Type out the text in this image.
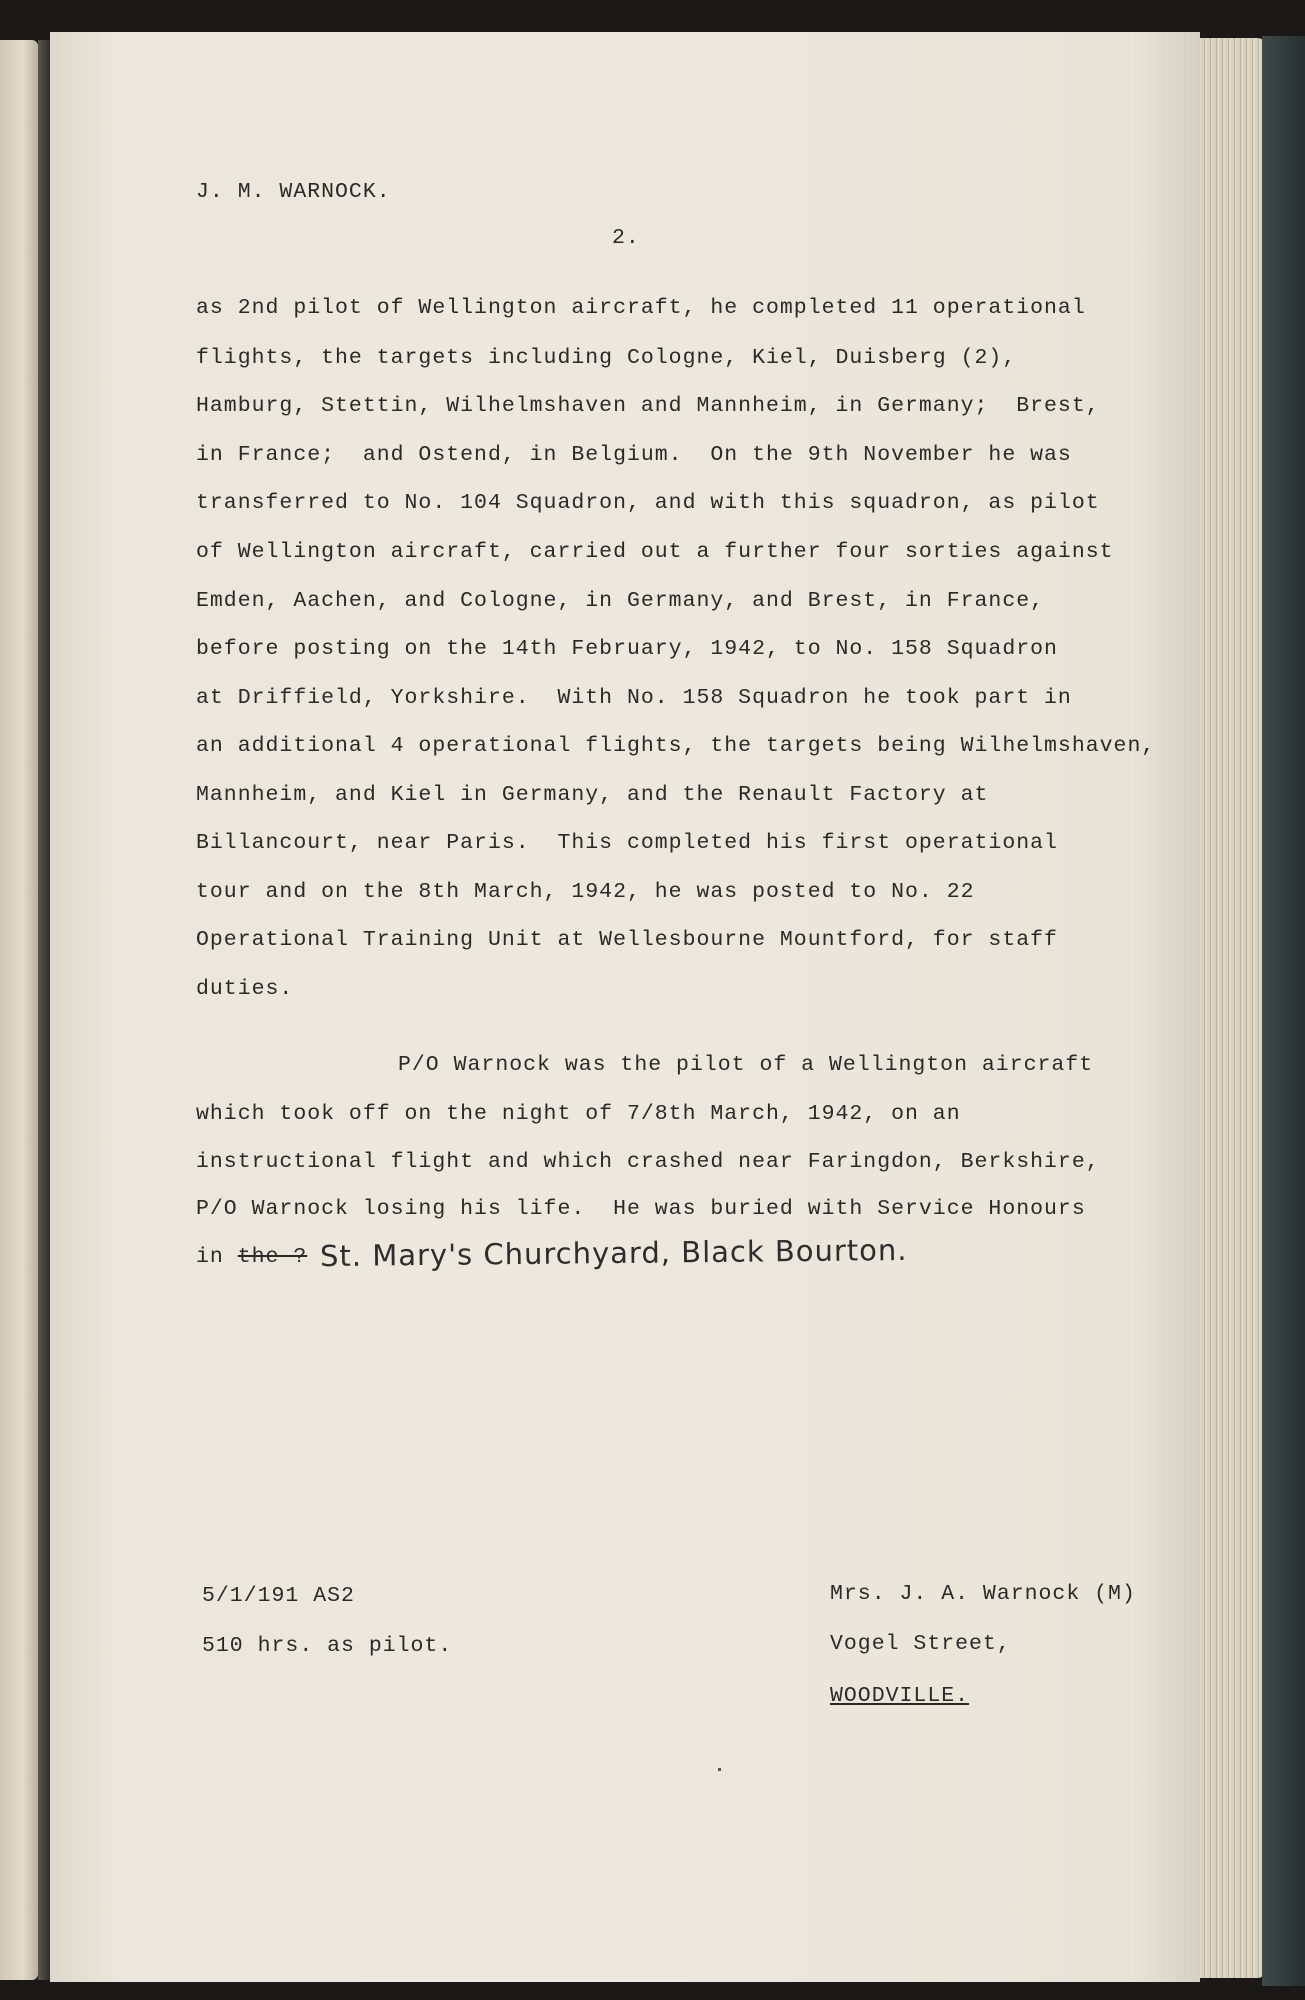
J. M. WARNOCK.
2.
as 2nd pilot of Wellington aircraft, he completed 11 operational
flights, the targets including Cologne, Kiel, Duisberg (2),
Hamburg, Stettin, Wilhelmshaven and Mannheim, in Germany;  Brest,
in France;  and Ostend, in Belgium.  On the 9th November he was
transferred to No. 104 Squadron, and with this squadron, as pilot
of Wellington aircraft, carried out a further four sorties against
Emden, Aachen, and Cologne, in Germany, and Brest, in France,
before posting on the 14th February, 1942, to No. 158 Squadron
at Driffield, Yorkshire.  With No. 158 Squadron he took part in
an additional 4 operational flights, the targets being Wilhelmshaven,
Mannheim, and Kiel in Germany, and the Renault Factory at
Billancourt, near Paris.  This completed his first operational
tour and on the 8th March, 1942, he was posted to No. 22
Operational Training Unit at Wellesbourne Mountford, for staff
duties.
P/O Warnock was the pilot of a Wellington aircraft
which took off on the night of 7/8th March, 1942, on an
instructional flight and which crashed near Faringdon, Berkshire,
P/O Warnock losing his life.  He was buried with Service Honours
in the ? St. Mary's Churchyard, Black Bourton.
5/1/191 AS2
510 hrs. as pilot.
Mrs. J. A. Warnock (M)
Vogel Street,
WOODVILLE.
